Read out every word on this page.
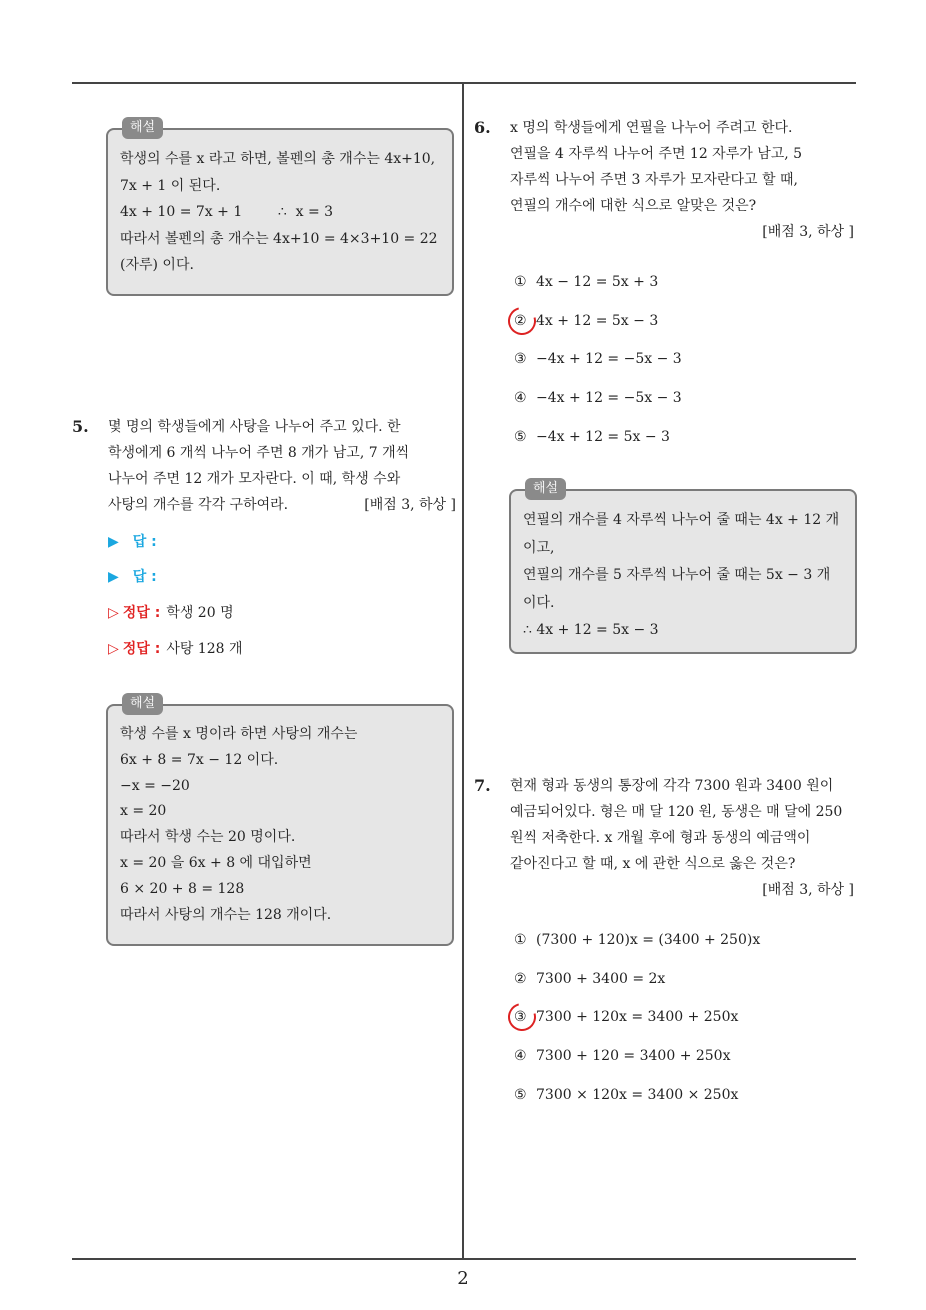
2
해설

학생의 수를 x 라고 하면, 볼펜의 총 개수는 4x+10,

7x + 1 이 된다.

4x + 10 = 7x + 1        ∴  x = 3

따라서 볼펜의 총 개수는 4x+10 = 4×3+10 = 22

(자루) 이다.

5. 몇 명의 학생들에게 사탕을 나누어 주고 있다. 한

학생에게 6 개씩 나누어 주면 8 개가 남고, 7 개씩

나누어 주면 12 개가 모자란다. 이 때, 학생 수와

사탕의 개수를 각각 구하여라.	[배점 3, 하상 ]

▶ 답 :
▶ 답 :
▷ 정답 : 학생 20 명
▷ 정답 : 사탕 128 개
해설

학생 수를 x 명이라 하면 사탕의 개수는

6x + 8 = 7x − 12 이다.

−x = −20

x = 20

따라서 학생 수는 20 명이다.

x = 20 을 6x + 8 에 대입하면

6 × 20 + 8 = 128

따라서 사탕의 개수는 128 개이다.

6. x 명의 학생들에게 연필을 나누어 주려고 한다.

연필을 4 자루씩 나누어 주면 12 자루가 남고, 5

자루씩 나누어 주면 3 자루가 모자란다고 할 때,

연필의 개수에 대한 식으로 알맞은 것은?

[배점 3, 하상 ]

① 4x − 12 = 5x + 3
② 4x + 12 = 5x − 3
③ −4x + 12 = −5x − 3
④ −4x + 12 = −5x − 3
⑤ −4x + 12 = 5x − 3
해설

연필의 개수를 4 자루씩 나누어 줄 때는 4x + 12 개

이고,

연필의 개수를 5 자루씩 나누어 줄 때는 5x − 3 개

이다.

∴ 4x + 12 = 5x − 3

7. 현재 형과 동생의 통장에 각각 7300 원과 3400 원이

예금되어있다. 형은 매 달 120 원, 동생은 매 달에 250

원씩 저축한다. x 개월 후에 형과 동생의 예금액이

같아진다고 할 때, x 에 관한 식으로 옳은 것은?

[배점 3, 하상 ]

① (7300 + 120)x = (3400 + 250)x
② 7300 + 3400 = 2x
③ 7300 + 120x = 3400 + 250x
④ 7300 + 120 = 3400 + 250x
⑤ 7300 × 120x = 3400 × 250x
